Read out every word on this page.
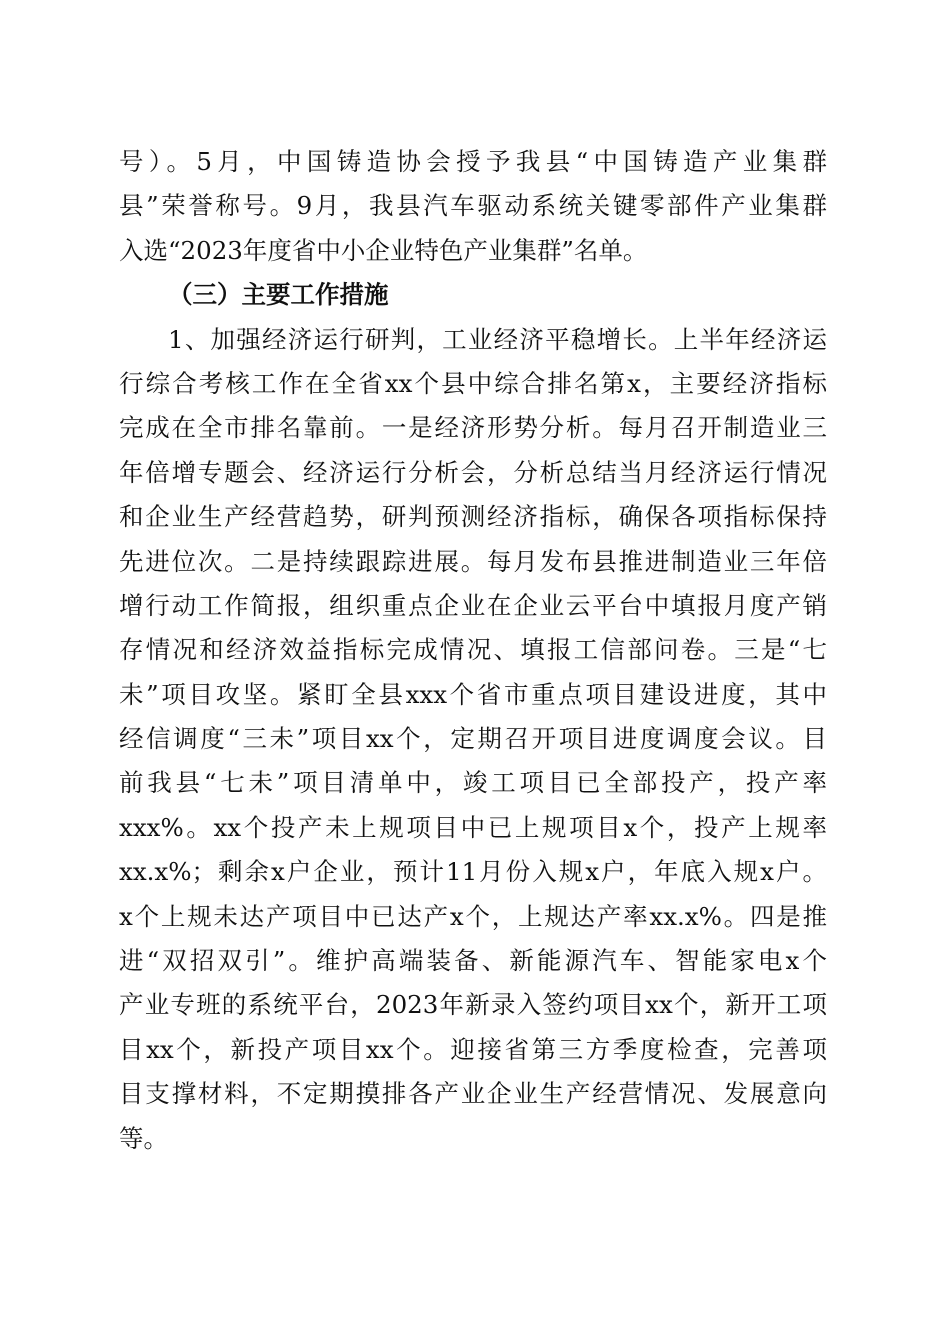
号）。5月，中国铸造协会授予我县“中国铸造产业集群
县”荣誉称号。9月，我县汽车驱动系统关键零部件产业集群
入选“2023年度省中小企业特色产业集群”名单。
（三）主要工作措施
1、加强经济运行研判，工业经济平稳增长。上半年经济运
行综合考核工作在全省xx个县中综合排名第x，主要经济指标
完成在全市排名靠前。一是经济形势分析。每月召开制造业三
年倍增专题会、经济运行分析会，分析总结当月经济运行情况
和企业生产经营趋势，研判预测经济指标，确保各项指标保持
先进位次。二是持续跟踪进展。每月发布县推进制造业三年倍
增行动工作简报，组织重点企业在企业云平台中填报月度产销
存情况和经济效益指标完成情况、填报工信部问卷。三是“七
未”项目攻坚。紧盯全县xxx个省市重点项目建设进度，其中
经信调度“三未”项目xx个，定期召开项目进度调度会议。目
前我县“七未”项目清单中，竣工项目已全部投产，投产率
xxx%。xx个投产未上规项目中已上规项目x个，投产上规率
xx.x%；剩余x户企业，预计11月份入规x户，年底入规x户。
x个上规未达产项目中已达产x个，上规达产率xx.x%。四是推
进“双招双引”。维护高端装备、新能源汽车、智能家电x个
产业专班的系统平台，2023年新录入签约项目xx个，新开工项
目xx个，新投产项目xx个。迎接省第三方季度检查，完善项
目支撑材料，不定期摸排各产业企业生产经营情况、发展意向
等。
